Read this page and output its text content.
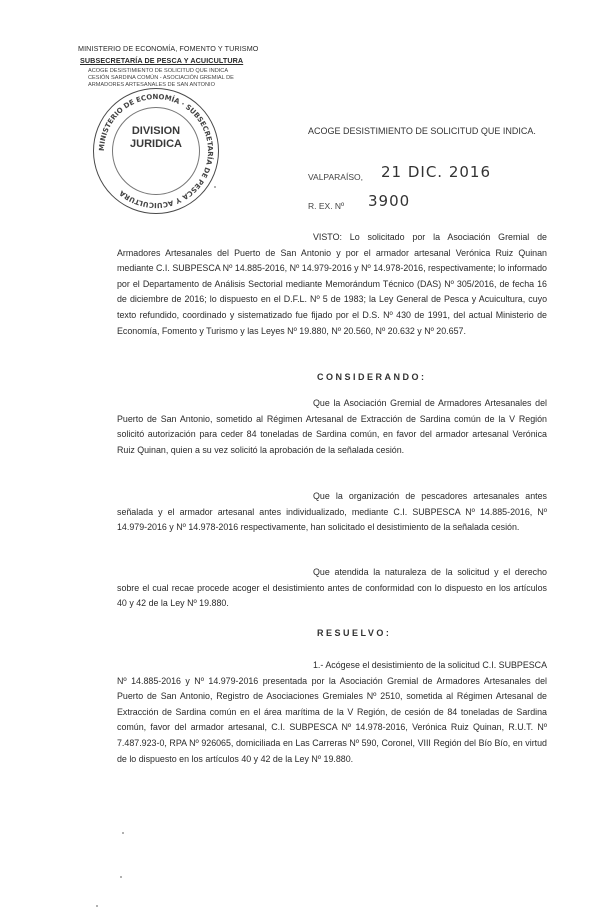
MINISTERIO DE ECONOMÍA, FOMENTO Y TURISMO
SUBSECRETARÍA DE PESCA Y ACUICULTURA
ACOGE DESISTIMIENTO DE SOLICITUD QUE INDICA
CESIÓN SARDINA COMÚN - ASOCIACIÓN GREMIAL DE
ARMADORES ARTESANALES DE SAN ANTONIO
MINISTERIO DE ECONOMÍA · SUBSECRETARÍA DE PESCA Y ACUICULTURA
DIVISION
JURIDICA
ACOGE DESISTIMIENTO DE SOLICITUD QUE INDICA.
VALPARAÍSO, 21 DIC. 2016
R. EX. Nº 3900
VISTO: Lo solicitado por la Asociación Gremial de Armadores Artesanales del Puerto de San Antonio y por el armador artesanal Verónica Ruiz Quinan mediante C.I. SUBPESCA Nº 14.885-2016, Nº 14.979-2016 y Nº 14.978-2016, respectivamente; lo informado por el Departamento de Análisis Sectorial mediante Memorándum Técnico (DAS) Nº 305/2016, de fecha 16 de diciembre de 2016; lo dispuesto en el D.F.L. Nº 5 de 1983; la Ley General de Pesca y Acuicultura, cuyo texto refundido, coordinado y sistematizado fue fijado por el D.S. Nº 430 de 1991, del actual Ministerio de Economía, Fomento y Turismo y las Leyes Nº 19.880, Nº 20.560, Nº 20.632 y Nº 20.657.
CONSIDERANDO:
Que la Asociación Gremial de Armadores Artesanales del Puerto de San Antonio, sometido al Régimen Artesanal de Extracción de Sardina común de la V Región solicitó autorización para ceder 84 toneladas de Sardina común, en favor del armador artesanal Verónica Ruiz Quinan, quien a su vez solicitó la aprobación de la señalada cesión.
Que la organización de pescadores artesanales antes señalada y el armador artesanal antes individualizado, mediante C.I. SUBPESCA Nº 14.885-2016, Nº 14.979-2016 y Nº 14.978-2016 respectivamente, han solicitado el desistimiento de la señalada cesión.
Que atendida la naturaleza de la solicitud y el derecho sobre el cual recae procede acoger el desistimiento antes de conformidad con lo dispuesto en los artículos 40 y 42 de la Ley Nº 19.880.
RESUELVO:
1.- Acógese el desistimiento de la solicitud C.I. SUBPESCA Nº 14.885-2016 y Nº 14.979-2016 presentada por la Asociación Gremial de Armadores Artesanales del Puerto de San Antonio, Registro de Asociaciones Gremiales Nº 2510, sometida al Régimen Artesanal de Extracción de Sardina común en el área marítima de la V Región, de cesión de 84 toneladas de Sardina común, favor del armador artesanal, C.I. SUBPESCA Nº 14.978-2016, Verónica Ruiz Quinan, R.U.T. Nº 7.487.923-0, RPA Nº 926065, domiciliada en Las Carreras Nº 590, Coronel, VIII Región del Bío Bío, en virtud de lo dispuesto en los artículos 40 y 42 de la Ley Nº 19.880.
